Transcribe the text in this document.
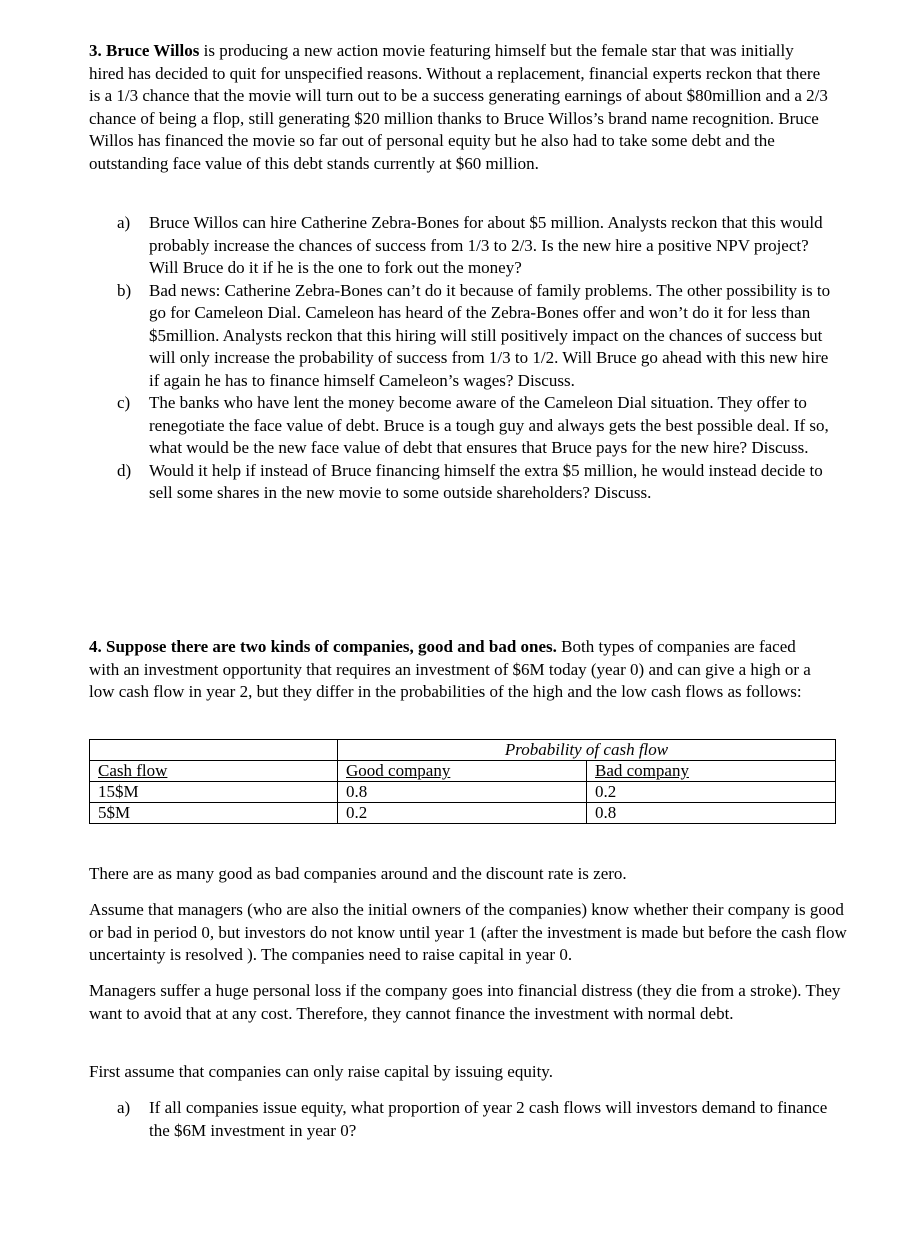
3. Bruce Willos is producing a new action movie featuring himself but the female star that was initially hired has decided to quit for unspecified reasons. Without a replacement, financial experts reckon that there is a 1/3 chance that the movie will turn out to be a success generating earnings of about $80million and a 2/3 chance of being a flop, still generating $20 million thanks to Bruce Willos’s brand name recognition. Bruce Willos has financed the movie so far out of personal equity but he also had to take some debt and the outstanding face value of this debt stands currently at $60 million.

a) Bruce Willos can hire Catherine Zebra-Bones for about $5 million. Analysts reckon that this would probably increase the chances of success from 1/3 to 2/3. Is the new hire a positive NPV project? Will Bruce do it if he is the one to fork out the money?
b) Bad news: Catherine Zebra-Bones can’t do it because of family problems. The other possibility is to go for Cameleon Dial. Cameleon has heard of the Zebra-Bones offer and won’t do it for less than $5million. Analysts reckon that this hiring will still positively impact on the chances of success but will only increase the probability of success from 1/3 to 1/2. Will Bruce go ahead with this new hire if again he has to finance himself Cameleon’s wages? Discuss.
c) The banks who have lent the money become aware of the Cameleon Dial situation. They offer to renegotiate the face value of debt. Bruce is a tough guy and always gets the best possible deal. If so, what would be the new face value of debt that ensures that Bruce pays for the new hire? Discuss.
d) Would it help if instead of Bruce financing himself the extra $5 million, he would instead decide to sell some shares in the new movie to some outside shareholders? Discuss.

4. Suppose there are two kinds of companies, good and bad ones. Both types of companies are faced with an investment opportunity that requires an investment of $6M today (year 0) and can give a high or a low cash flow in year 2, but they differ in the probabilities of the high and the low cash flows as follows:

	Probability of cash flow	
Cash flow	Good company	Bad company
15$M	0.8	0.2
5$M	0.2	0.8

There are as many good as bad companies around and the discount rate is zero.

Assume that managers (who are also the initial owners of the companies) know whether their company is good or bad in period 0, but investors do not know until year 1 (after the investment is made but before the cash flow uncertainty is resolved ). The companies need to raise capital in year 0.

Managers suffer a huge personal loss if the company goes into financial distress (they die from a stroke). They want to avoid that at any cost. Therefore, they cannot finance the investment with normal debt.

First assume that companies can only raise capital by issuing equity.

a) If all companies issue equity, what proportion of year 2 cash flows will investors demand to finance the $6M investment in year 0?
